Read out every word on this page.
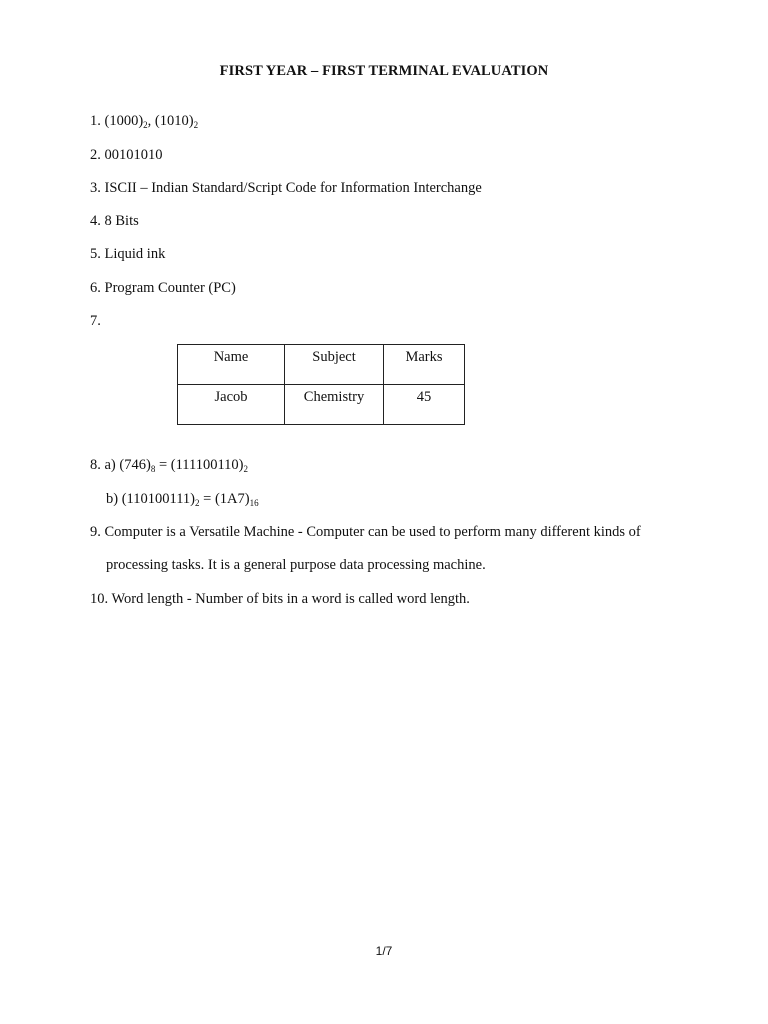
FIRST YEAR – FIRST TERMINAL EVALUATION
1. $(1000)_2$, $(1010)_2$
2. 00101010
3. ISCII – Indian Standard/Script Code for Information Interchange
4. 8 Bits
5. Liquid ink
6. Program Counter (PC)
7.
Name	Subject	Marks
Jacob	Chemistry	45
8. a) $(746)_8 = (111100110)_2$
b) $(110100111)_2 = (1A7)_{16}$
9. Computer is a Versatile Machine - Computer can be used to perform many different kinds of
processing tasks. It is a general purpose data processing machine.
10. Word length - Number of bits in a word is called word length.
1/7
